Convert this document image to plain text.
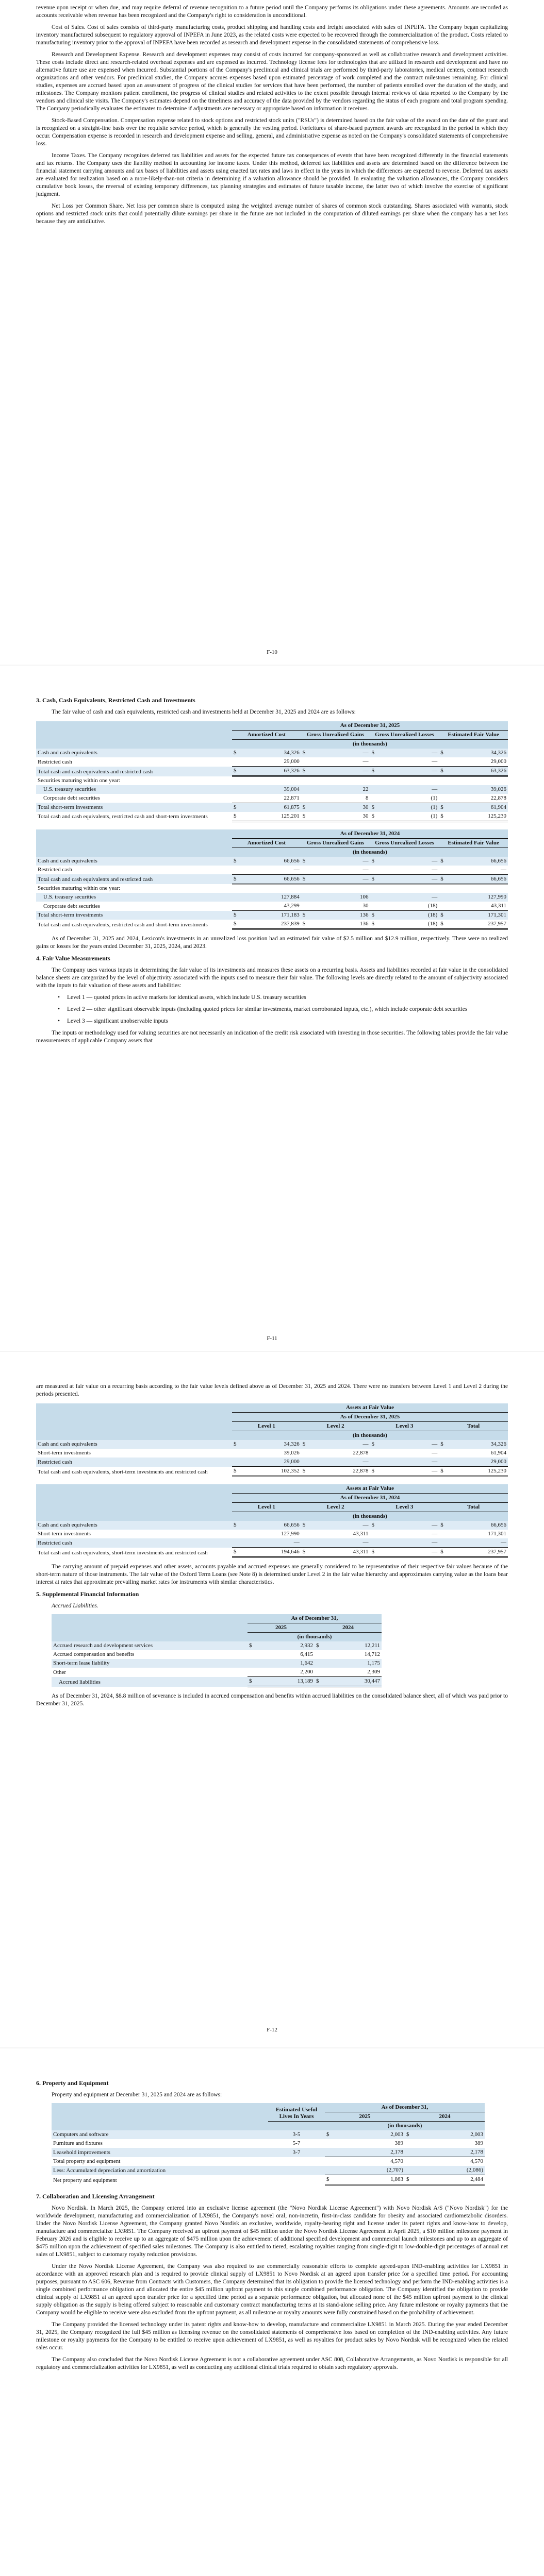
revenue upon receipt or when due, and may require deferral of revenue recognition to a future period until the Company performs its obligations under these agreements. Amounts are recorded as accounts receivable when revenue has been recognized and the Company's right to consideration is unconditional.

Cost of Sales. Cost of sales consists of third-party manufacturing costs, product shipping and handling costs and freight associated with sales of INPEFA. The Company began capitalizing inventory manufactured subsequent to regulatory approval of INPEFA in June 2023, as the related costs were expected to be recovered through the commercialization of the product. Costs related to manufacturing inventory prior to the approval of INPEFA have been recorded as research and development expense in the consolidated statements of comprehensive loss.

Research and Development Expense. Research and development expenses may consist of costs incurred for company-sponsored as well as collaborative research and development activities. These costs include direct and research-related overhead expenses and are expensed as incurred. Technology license fees for technologies that are utilized in research and development and have no alternative future use are expensed when incurred. Substantial portions of the Company's preclinical and clinical trials are performed by third-party laboratories, medical centers, contract research organizations and other vendors. For preclinical studies, the Company accrues expenses based upon estimated percentage of work completed and the contract milestones remaining. For clinical studies, expenses are accrued based upon an assessment of progress of the clinical studies for services that have been performed, the number of patients enrolled over the duration of the study, and milestones. The Company monitors patient enrollment, the progress of clinical studies and related activities to the extent possible through internal reviews of data reported to the Company by the vendors and clinical site visits. The Company's estimates depend on the timeliness and accuracy of the data provided by the vendors regarding the status of each program and total program spending. The Company periodically evaluates the estimates to determine if adjustments are necessary or appropriate based on information it receives.

Stock-Based Compensation. Compensation expense related to stock options and restricted stock units ("RSUs") is determined based on the fair value of the award on the date of the grant and is recognized on a straight-line basis over the requisite service period, which is generally the vesting period. Forfeitures of share-based payment awards are recognized in the period in which they occur. Compensation expense is recorded in research and development expense and selling, general, and administrative expense as noted on the Company's consolidated statements of comprehensive loss.

Income Taxes. The Company recognizes deferred tax liabilities and assets for the expected future tax consequences of events that have been recognized differently in the financial statements and tax returns. The Company uses the liability method in accounting for income taxes. Under this method, deferred tax liabilities and assets are determined based on the difference between the financial statement carrying amounts and tax bases of liabilities and assets using enacted tax rates and laws in effect in the years in which the differences are expected to reverse. Deferred tax assets are evaluated for realization based on a more-likely-than-not criteria in determining if a valuation allowance should be provided. In evaluating the valuation allowances, the Company considers cumulative book losses, the reversal of existing temporary differences, tax planning strategies and estimates of future taxable income, the latter two of which involve the exercise of significant judgment.

Net Loss per Common Share. Net loss per common share is computed using the weighted average number of shares of common stock outstanding. Shares associated with warrants, stock options and restricted stock units that could potentially dilute earnings per share in the future are not included in the computation of diluted earnings per share when the company has a net loss because they are antidilutive.

F-10
3. Cash, Cash Equivalents, Restricted Cash and Investments

The fair value of cash and cash equivalents, restricted cash and investments held at December 31, 2025 and 2024 are as follows:

	As of December 31, 2025							
	Amortized Cost		Gross Unrealized Gains		Gross Unrealized Losses		Estimated Fair Value	
	(in thousands)							
Cash and cash equivalents	$	34,326	$	—	$	—	$	34,326
Restricted cash		29,000		—		—		29,000
Total cash and cash equivalents and restricted cash	$	63,326	$	—	$	—	$	63,326
Securities maturing within one year:								
U.S. treasury securities		39,004		22		—		39,026
Corporate debt securities		22,871		8		(1)		22,878
Total short-term investments	$	61,875	$	30	$	(1)	$	61,904
Total cash and cash equivalents, restricted cash and short-term investments	$	125,201	$	30	$	(1)	$	125,230
	As of December 31, 2024							
	Amortized Cost		Gross Unrealized Gains		Gross Unrealized Losses		Estimated Fair Value	
	(in thousands)							
Cash and cash equivalents	$	66,656	$	—	$	—	$	66,656
Restricted cash		—		—		—		—
Total cash and cash equivalents and restricted cash	$	66,656	$	—	$	—	$	66,656
Securities maturing within one year:								
U.S. treasury securities		127,884		106		—		127,990
Corporate debt securities		43,299		30		(18)		43,311
Total short-term investments	$	171,183	$	136	$	(18)	$	171,301
Total cash and cash equivalents, restricted cash and short-term investments	$	237,839	$	136	$	(18)	$	237,957

As of December 31, 2025 and 2024, Lexicon's investments in an unrealized loss position had an estimated fair value of $2.5 million and $12.9 million, respectively. There were no realized gains or losses for the years ended December 31, 2025, 2024, and 2023.

4. Fair Value Measurements

The Company uses various inputs in determining the fair value of its investments and measures these assets on a recurring basis. Assets and liabilities recorded at fair value in the consolidated balance sheets are categorized by the level of objectivity associated with the inputs used to measure their fair value. The following levels are directly related to the amount of subjectivity associated with the inputs to fair valuation of these assets and liabilities:

• Level 1 — quoted prices in active markets for identical assets, which include U.S. treasury securities
• Level 2 — other significant observable inputs (including quoted prices for similar investments, market corroborated inputs, etc.), which include corporate debt securities
• Level 3 — significant unobservable inputs

The inputs or methodology used for valuing securities are not necessarily an indication of the credit risk associated with investing in those securities. The following tables provide the fair value measurements of applicable Company assets that

F-11

are measured at fair value on a recurring basis according to the fair value levels defined above as of December 31, 2025 and 2024. There were no transfers between Level 1 and Level 2 during the periods presented.

	Assets at Fair Value							
	As of December 31, 2025							
	Level 1		Level 2		Level 3		Total	
	(in thousands)							
Cash and cash equivalents	$	34,326	$	—	$	—	$	34,326
Short-term investments		39,026		22,878		—		61,904
Restricted cash		29,000		—		—		29,000
Total cash and cash equivalents, short-term investments and restricted cash	$	102,352	$	22,878	$	—	$	125,230
	Assets at Fair Value							
	As of December 31, 2024							
	Level 1		Level 2		Level 3		Total	
	(in thousands)							
Cash and cash equivalents	$	66,656	$	—	$	—	$	66,656
Short-term investments		127,990		43,311		—		171,301
Restricted cash		—		—		—		—
Total cash and cash equivalents, short-term investments and restricted cash	$	194,646	$	43,311	$	—	$	237,957

The carrying amount of prepaid expenses and other assets, accounts payable and accrued expenses are generally considered to be representative of their respective fair values because of the short-term nature of those instruments. The fair value of the Oxford Term Loans (see Note 8) is determined under Level 2 in the fair value hierarchy and approximates carrying value as the loans bear interest at rates that approximate prevailing market rates for instruments with similar characteristics.

5. Supplemental Financial Information

Accrued Liabilities.

	As of December 31,			
	2025		2024	
	(in thousands)			
Accrued research and development services	$	2,932	$	12,211
Accrued compensation and benefits		6,415		14,712
Short-term lease liability		1,642		1,175
Other		2,200		2,309
Accrued liabilities	$	13,189	$	30,447

As of December 31, 2024, $8.8 million of severance is included in accrued compensation and benefits within accrued liabilities on the consolidated balance sheet, all of which was paid prior to December 31, 2025.

F-12
6. Property and Equipment

Property and equipment at December 31, 2025 and 2024 are as follows:

	Estimated Useful Lives In Years	As of December 31,			
		2025		2024	
		(in thousands)			
Computers and software	3-5	$	2,003	$	2,003
Furniture and fixtures	5-7		389		389
Leasehold improvements	3-7		2,178		2,178
Total property and equipment			4,570		4,570
Less: Accumulated depreciation and amortization			(2,707)		(2,086)
Net property and equipment		$	1,863	$	2,484
7. Collaboration and Licensing Arrangement

Novo Nordisk. In March 2025, the Company entered into an exclusive license agreement (the "Novo Nordisk License Agreement") with Novo Nordisk A/S ("Novo Nordisk") for the worldwide development, manufacturing and commercialization of LX9851, the Company's novel oral, non-incretin, first-in-class candidate for obesity and associated cardiometabolic disorders. Under the Novo Nordisk License Agreement, the Company granted Novo Nordisk an exclusive, worldwide, royalty-bearing right and license under its patent rights and know-how to develop, manufacture and commercialize LX9851. The Company received an upfront payment of $45 million under the Novo Nordisk License Agreement in April 2025, a $10 million milestone payment in February 2026 and is eligible to receive up to an aggregate of $475 million upon the achievement of additional specified development and commercial launch milestones and up to an aggregate of $475 million upon the achievement of specified sales milestones. The Company is also entitled to tiered, escalating royalties ranging from single-digit to low-double-digit percentages of annual net sales of LX9851, subject to customary royalty reduction provisions.

Under the Novo Nordisk License Agreement, the Company was also required to use commercially reasonable efforts to complete agreed-upon IND-enabling activities for LX9851 in accordance with an approved research plan and is required to provide clinical supply of LX9851 to Novo Nordisk at an agreed upon transfer price for a specified time period. For accounting purposes, pursuant to ASC 606, Revenue from Contracts with Customers, the Company determined that its obligation to provide the licensed technology and perform the IND-enabling activities is a single combined performance obligation and allocated the entire $45 million upfront payment to this single combined performance obligation. The Company identified the obligation to provide clinical supply of LX9851 at an agreed upon transfer price for a specified time period as a separate performance obligation, but allocated none of the $45 million upfront payment to the clinical supply obligation as the supply is being offered subject to reasonable and customary contract manufacturing terms at its stand-alone selling price. Any future milestone or royalty payments that the Company would be eligible to receive were also excluded from the upfront payment, as all milestone or royalty amounts were fully constrained based on the probability of achievement.

The Company provided the licensed technology under its patent rights and know-how to develop, manufacture and commercialize LX9851 in March 2025. During the year ended December 31, 2025, the Company recognized the full $45 million as licensing revenue on the consolidated statements of comprehensive loss based on completion of the IND-enabling activities. Any future milestone or royalty payments for the Company to be entitled to receive upon achievement of LX9851, as well as royalties for product sales by Novo Nordisk will be recognized when the related sales occur.

The Company also concluded that the Novo Nordisk License Agreement is not a collaborative agreement under ASC 808, Collaborative Arrangements, as Novo Nordisk is responsible for all regulatory and commercialization activities for LX9851, as well as conducting any additional clinical trials required to obtain such regulatory approvals.
